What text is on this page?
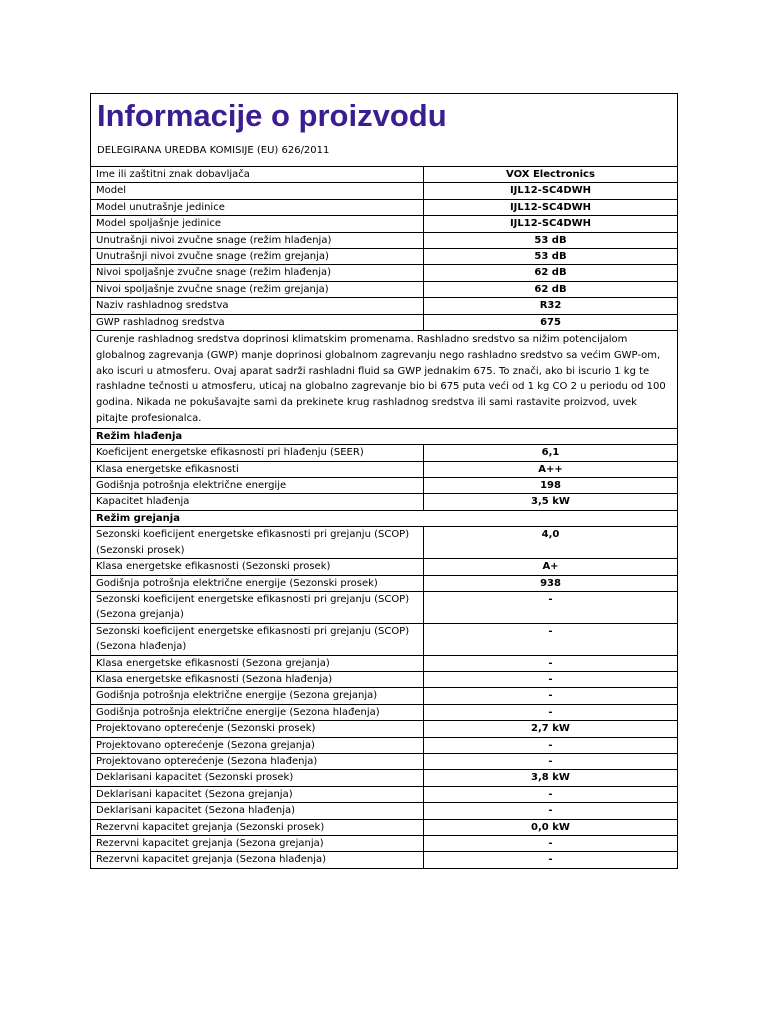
Informacije o proizvodu
DELEGIRANA UREDBA KOMISIJE (EU) 626/2011
Ime ili zaštitni znak dobavljača	VOX Electronics
Model	IJL12-SC4DWH
Model unutrašnje jedinice	IJL12-SC4DWH
Model spoljašnje jedinice	IJL12-SC4DWH
Unutrašnji nivoi zvučne snage (režim hlađenja)	53 dB
Unutrašnji nivoi zvučne snage (režim grejanja)	53 dB
Nivoi spoljašnje zvučne snage (režim hlađenja)	62 dB
Nivoi spoljašnje zvučne snage (režim grejanja)	62 dB
Naziv rashladnog sredstva	R32
GWP rashladnog sredstva	675
Curenje rashladnog sredstva doprinosi klimatskim promenama. Rashladno sredstvo sa nižim potencijalom globalnog zagrevanja (GWP) manje doprinosi globalnom zagrevanju nego rashladno sredstvo sa većim GWP-om, ako iscuri u atmosferu. Ovaj aparat sadrži rashladni fluid sa GWP jednakim 675. To znači, ako bi iscurio 1 kg te rashladne tečnosti u atmosferu, uticaj na globalno zagrevanje bio bi 675 puta veći od 1 kg CO 2 u periodu od 100 godina. Nikada ne pokušavajte sami da prekinete krug rashladnog sredstva ili sami rastavite proizvod, uvek pitajte profesionalca.	
Režim hlađenja	
Koeficijent energetske efikasnosti pri hlađenju (SEER)	6,1
Klasa energetske efikasnosti	A++
Godišnja potrošnja električne energije	198
Kapacitet hlađenja	3,5 kW
Režim grejanja	
Sezonski koeficijent energetske efikasnosti pri grejanju (SCOP) (Sezonski prosek)	4,0
Klasa energetske efikasnosti (Sezonski prosek)	A+
Godišnja potrošnja električne energije (Sezonski prosek)	938
Sezonski koeficijent energetske efikasnosti pri grejanju (SCOP) (Sezona grejanja)	-
Sezonski koeficijent energetske efikasnosti pri grejanju (SCOP) (Sezona hlađenja)	-
Klasa energetske efikasnosti (Sezona grejanja)	-
Klasa energetske efikasnosti (Sezona hlađenja)	-
Godišnja potrošnja električne energije (Sezona grejanja)	-
Godišnja potrošnja električne energije (Sezona hlađenja)	-
Projektovano opterećenje (Sezonski prosek)	2,7 kW
Projektovano opterećenje (Sezona grejanja)	-
Projektovano opterećenje (Sezona hlađenja)	-
Deklarisani kapacitet (Sezonski prosek)	3,8 kW
Deklarisani kapacitet (Sezona grejanja)	-
Deklarisani kapacitet (Sezona hlađenja)	-
Rezervni kapacitet grejanja (Sezonski prosek)	0,0 kW
Rezervni kapacitet grejanja (Sezona grejanja)	-
Rezervni kapacitet grejanja (Sezona hlađenja)	-
